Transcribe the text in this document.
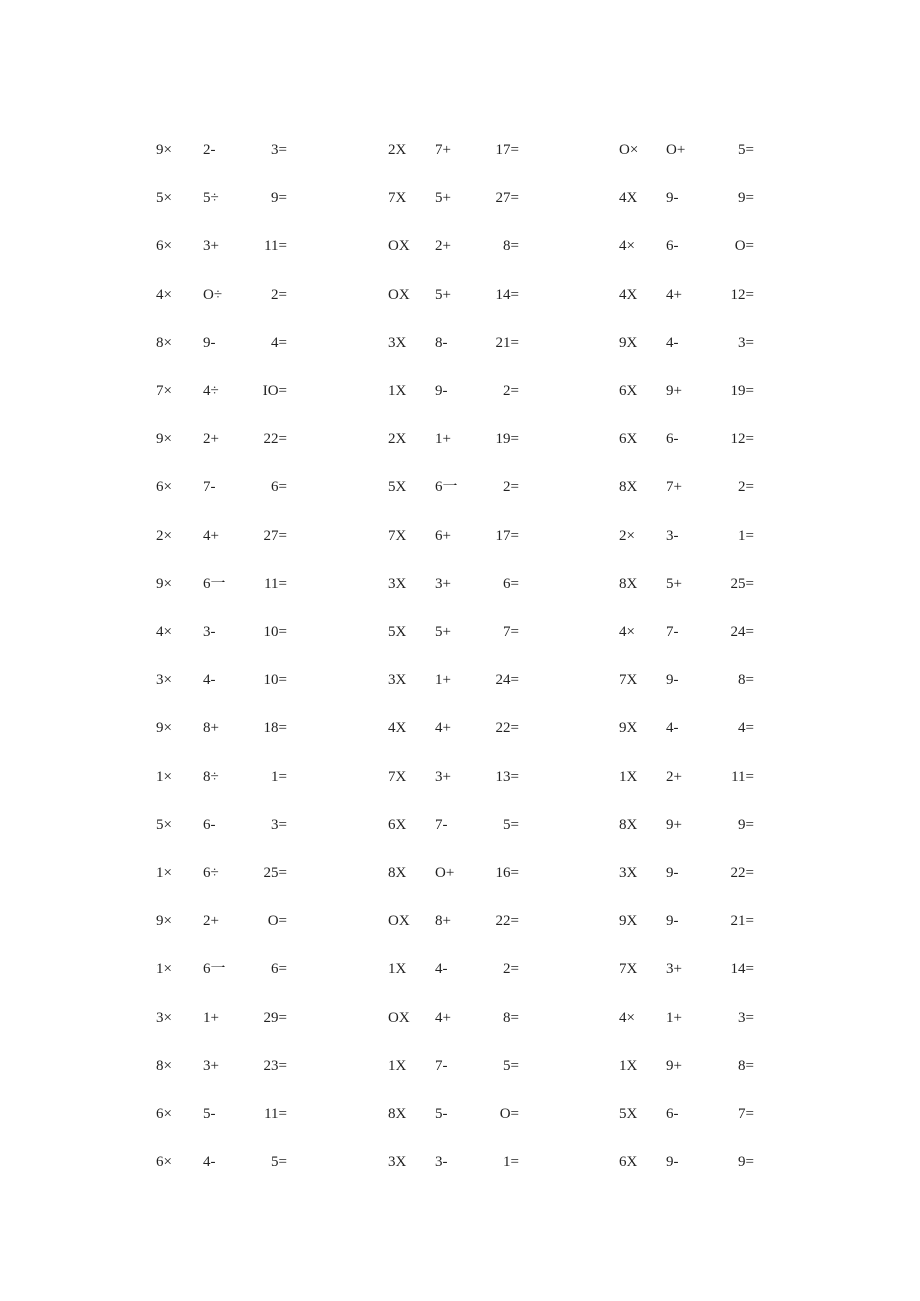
9× 2-	3=	2X 7+	17=	O× O+	5=
5× 5÷	9=	7X 5+	27=	4X 9-	9=
6× 3+	11=	OX 2+	8=	4× 6-	O=
4× O÷	2=	OX 5+	14=	4X 4+	12=
8× 9-	4=	3X 8-	21=	9X 4-	3=
7× 4÷	IO=	1X 9-	2=	6X 9+	19=
9× 2+	22=	2X 1+	19=	6X 6-	12=
6× 7-	6=	5X 6一	2=	8X 7+	2=
2× 4+	27=	7X 6+	17=	2× 3-	1=
9× 6一	11=	3X 3+	6=	8X 5+	25=
4× 3-	10=	5X 5+	7=	4× 7-	24=
3× 4-	10=	3X 1+	24=	7X 9-	8=
9× 8+	18=	4X 4+	22=	9X 4-	4=
1× 8÷	1=	7X 3+	13=	1X 2+	11=
5× 6-	3=	6X 7-	5=	8X 9+	9=
1× 6÷	25=	8X O+	16=	3X 9-	22=
9× 2+	O=	OX 8+	22=	9X 9-	21=
1× 6一	6=	1X 4-	2=	7X 3+	14=
3× 1+	29=	OX 4+	8=	4× 1+	3=
8× 3+	23=	1X 7-	5=	1X 9+	8=
6× 5-	11=	8X 5-	O=	5X 6-	7=
6× 4-	5=	3X 3-	1=	6X 9-	9=
